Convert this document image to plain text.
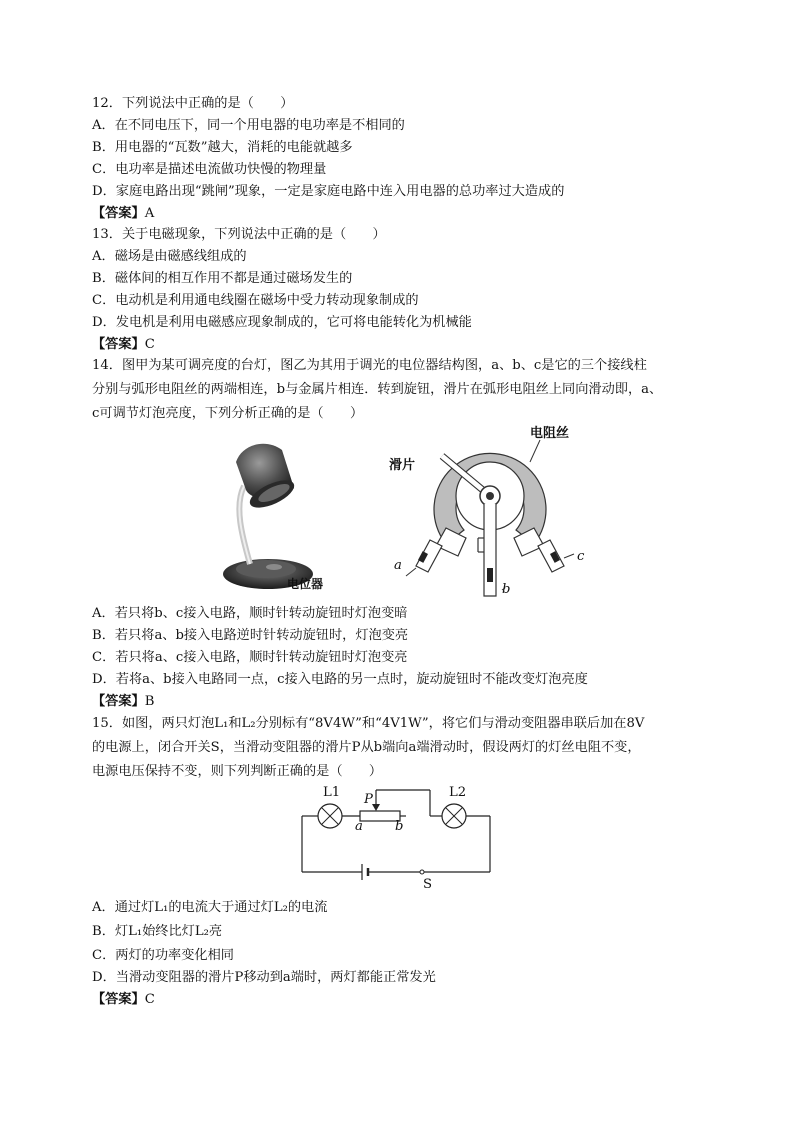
12．下列说法中正确的是（　　）
A．在不同电压下，同一个用电器的电功率是不相同的
B．用电器的“瓦数”越大，消耗的电能就越多
C．电功率是描述电流做功快慢的物理量
D．家庭电路出现“跳闸”现象，一定是家庭电路中连入用电器的总功率过大造成的
【答案】A
13．关于电磁现象，下列说法中正确的是（　　）
A．磁场是由磁感线组成的
B．磁体间的相互作用不都是通过磁场发生的
C．电动机是利用通电线圈在磁场中受力转动现象制成的
D．发电机是利用电磁感应现象制成的，它可将电能转化为机械能
【答案】C
14．图甲为某可调亮度的台灯，图乙为其用于调光的电位器结构图，a、b、c是它的三个接线柱
分别与弧形电阻丝的两端相连，b与金属片相连．转到旋钮，滑片在弧形电阻丝上同向滑动即，a、
c可调节灯泡亮度，下列分析正确的是（　　）
电位器
电阻丝
滑片
a
b
c
A．若只将b、c接入电路，顺时针转动旋钮时灯泡变暗
B．若只将a、b接入电路逆时针转动旋钮时，灯泡变亮
C．若只将a、c接入电路，顺时针转动旋钮时灯泡变亮
D．若将a、b接入电路同一点，c接入电路的另一点时，旋动旋钮时不能改变灯泡亮度
【答案】B
15．如图，两只灯泡L₁和L₂分别标有“8V4W”和“4V1W”，将它们与滑动变阻器串联后加在8V
的电源上，闭合开关S，当滑动变阻器的滑片P从b端向a端滑动时，假设两灯的灯丝电阻不变，
电源电压保持不变，则下列判断正确的是（　　）
L1	L2
P
a b
S
A．通过灯L₁的电流大于通过灯L₂的电流
B．灯L₁始终比灯L₂亮
C．两灯的功率变化相同
D．当滑动变阻器的滑片P移动到a端时，两灯都能正常发光
【答案】C
